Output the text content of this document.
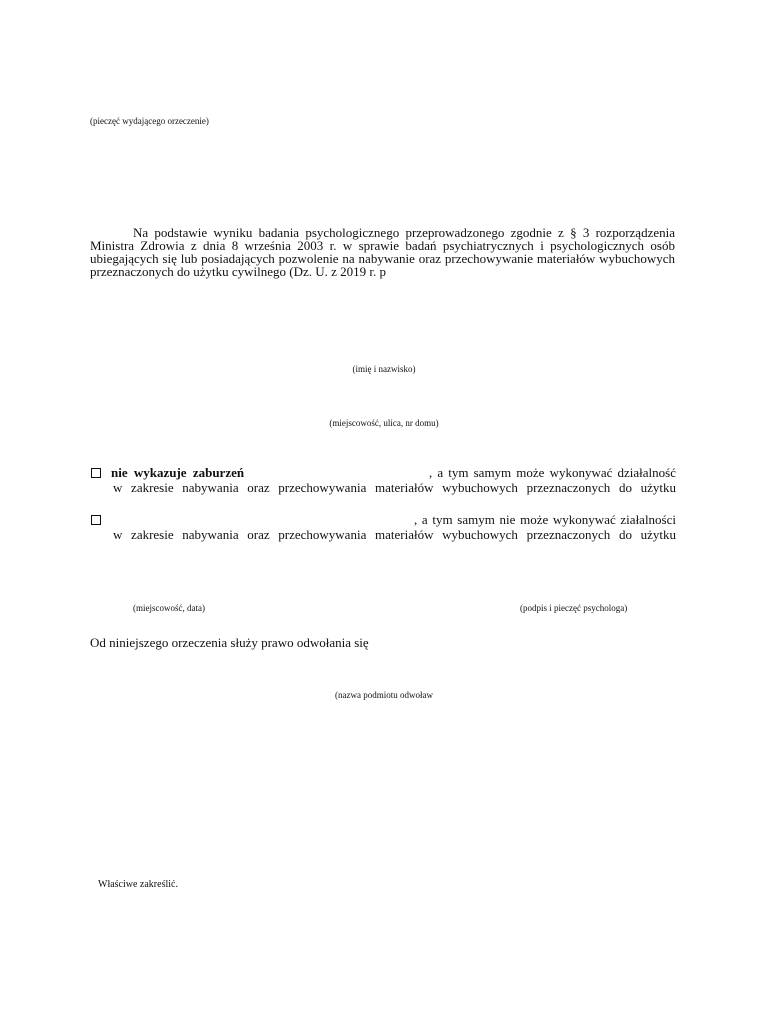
(pieczęć wydającego orzeczenie)
Na podstawie wyniku badania psychologicznego przeprowadzonego zgodnie z § 3 rozporządzenia Ministra Zdrowia z dnia 8 września 2003 r. w sprawie badań psychiatrycznych i psychologicznych osób ubiegających się lub posiadających pozwolenie na nabywanie oraz przechowywanie materiałów wybuchowych przeznaczonych do użytku cywilnego (Dz. U. z 2019 r. p
(imię i nazwisko)
(miejscowość, ulica, nr domu)
nie wykazuje zaburzeń	, a tym samym może wykonywać działalność
w zakresie nabywania oraz przechowywania materiałów wybuchowych przeznaczonych do użytku
, a tym samym nie może wykonywać ziałalności
w zakresie nabywania oraz przechowywania materiałów wybuchowych przeznaczonych do użytku
(miejscowość, data)	(podpis i pieczęć psychologa)
Od niniejszego orzeczenia służy prawo odwołania się
(nazwa podmiotu odwoław
Właściwe zakreślić.
